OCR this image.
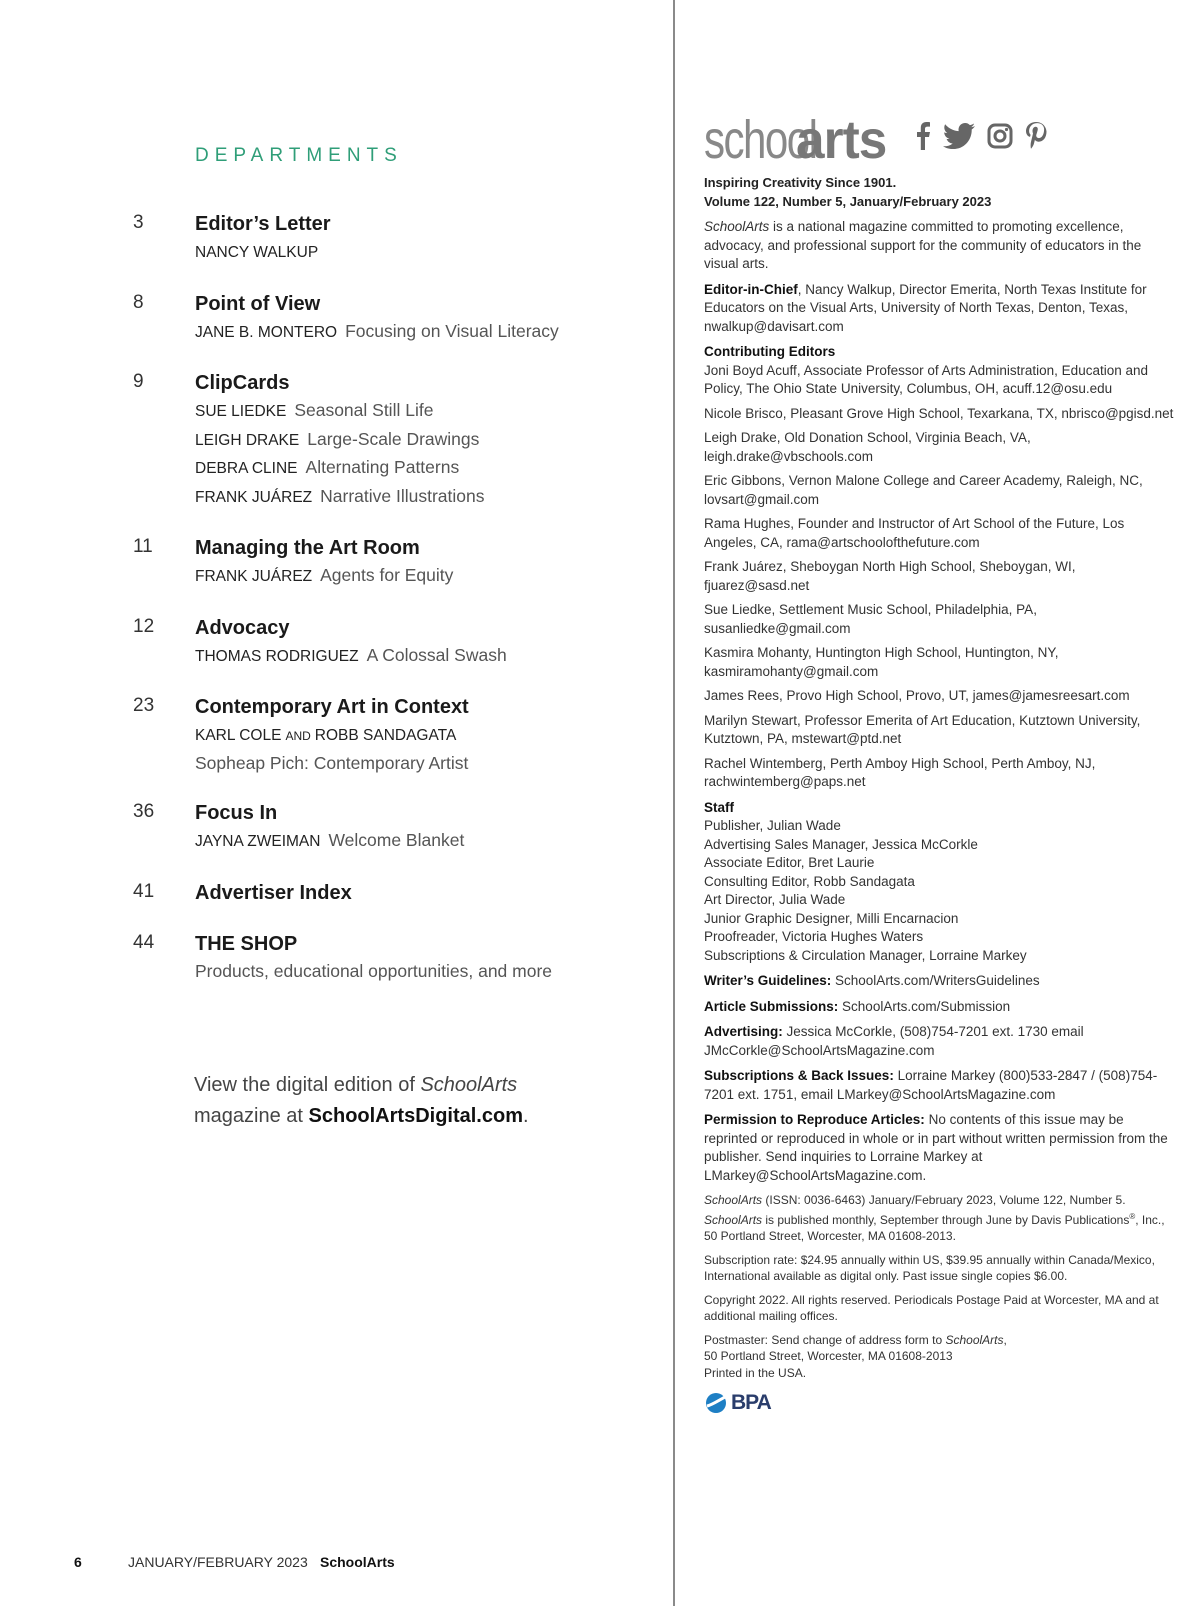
DEPARTMENTS
3	Editor’s Letter
NANCY WALKUP
8	Point of View
JANE B. MONTERO Focusing on Visual Literacy
9	ClipCards
SUE LIEDKE Seasonal Still Life
LEIGH DRAKE Large-Scale Drawings
DEBRA CLINE Alternating Patterns
FRANK JUÁREZ Narrative Illustrations
11 Managing the Art Room
FRANK JUÁREZ Agents for Equity
12 Advocacy
THOMAS RODRIGUEZ A Colossal Swash
23 Contemporary Art in Context
KARL COLE AND ROBB SANDAGATA
Sopheap Pich: Contemporary Artist
36 Focus In
JAYNA ZWEIMAN Welcome Blanket
41 Advertiser Index
44 THE SHOP
Products, educational opportunities, and more
View the digital edition of SchoolArts
magazine at SchoolArtsDigital.com.
6	JANUARY/FEBRUARY 2023 SchoolArts
school
arts
Inspiring Creativity Since 1901.
Volume 122, Number 5, January/February 2023
SchoolArts is a national magazine committed to promoting excellence, advocacy, and professional support for the community of educators in the visual arts.
Editor-in-Chief, Nancy Walkup, Director Emerita, North Texas Institute for Educators on the Visual Arts, University of North Texas, Denton, Texas, nwalkup@davisart.com
Contributing Editors
Joni Boyd Acuff, Associate Professor of Arts Administration, Education and Policy, The Ohio State University, Columbus, OH, acuff.12@osu.edu
Nicole Brisco, Pleasant Grove High School, Texarkana, TX, nbrisco@pgisd.net
Leigh Drake, Old Donation School, Virginia Beach, VA, leigh.drake@vbschools.com
Eric Gibbons, Vernon Malone College and Career Academy, Raleigh, NC, lovsart@gmail.com
Rama Hughes, Founder and Instructor of Art School of the Future, Los Angeles, CA, rama@artschoolofthefuture.com
Frank Juárez, Sheboygan North High School, Sheboygan, WI, fjuarez@sasd.net
Sue Liedke, Settlement Music School, Philadelphia, PA, susanliedke@gmail.com
Kasmira Mohanty, Huntington High School, Huntington, NY, kasmiramohanty@gmail.com
James Rees, Provo High School, Provo, UT, james@jamesreesart.com
Marilyn Stewart, Professor Emerita of Art Education, Kutztown University, Kutztown, PA, mstewart@ptd.net
Rachel Wintemberg, Perth Amboy High School, Perth Amboy, NJ, rachwintemberg@paps.net
Staff
Publisher, Julian Wade
Advertising Sales Manager, Jessica McCorkle
Associate Editor, Bret Laurie
Consulting Editor, Robb Sandagata
Art Director, Julia Wade
Junior Graphic Designer, Milli Encarnacion
Proofreader, Victoria Hughes Waters
Subscriptions & Circulation Manager, Lorraine Markey
Writer’s Guidelines: SchoolArts.com/WritersGuidelines
Article Submissions: SchoolArts.com/Submission
Advertising: Jessica McCorkle, (508)754-7201 ext. 1730 email JMcCorkle@SchoolArtsMagazine.com
Subscriptions & Back Issues: Lorraine Markey (800)533-2847 / (508)754-7201 ext. 1751, email LMarkey@SchoolArtsMagazine.com
Permission to Reproduce Articles: No contents of this issue may be reprinted or reproduced in whole or in part without written permission from the publisher. Send inquiries to Lorraine Markey at LMarkey@SchoolArtsMagazine.com.
SchoolArts (ISSN: 0036-6463) January/February 2023, Volume 122, Number 5. SchoolArts is published monthly, September through June by Davis Publications®, Inc., 50 Portland Street, Worcester, MA 01608-2013.
Subscription rate: $24.95 annually within US, $39.95 annually within Canada/Mexico, International available as digital only. Past issue single copies $6.00.
Copyright 2022. All rights reserved. Periodicals Postage Paid at Worcester, MA and at additional mailing offices.
Postmaster: Send change of address form to SchoolArts,
50 Portland Street, Worcester, MA 01608-2013
Printed in the USA.
BPA
